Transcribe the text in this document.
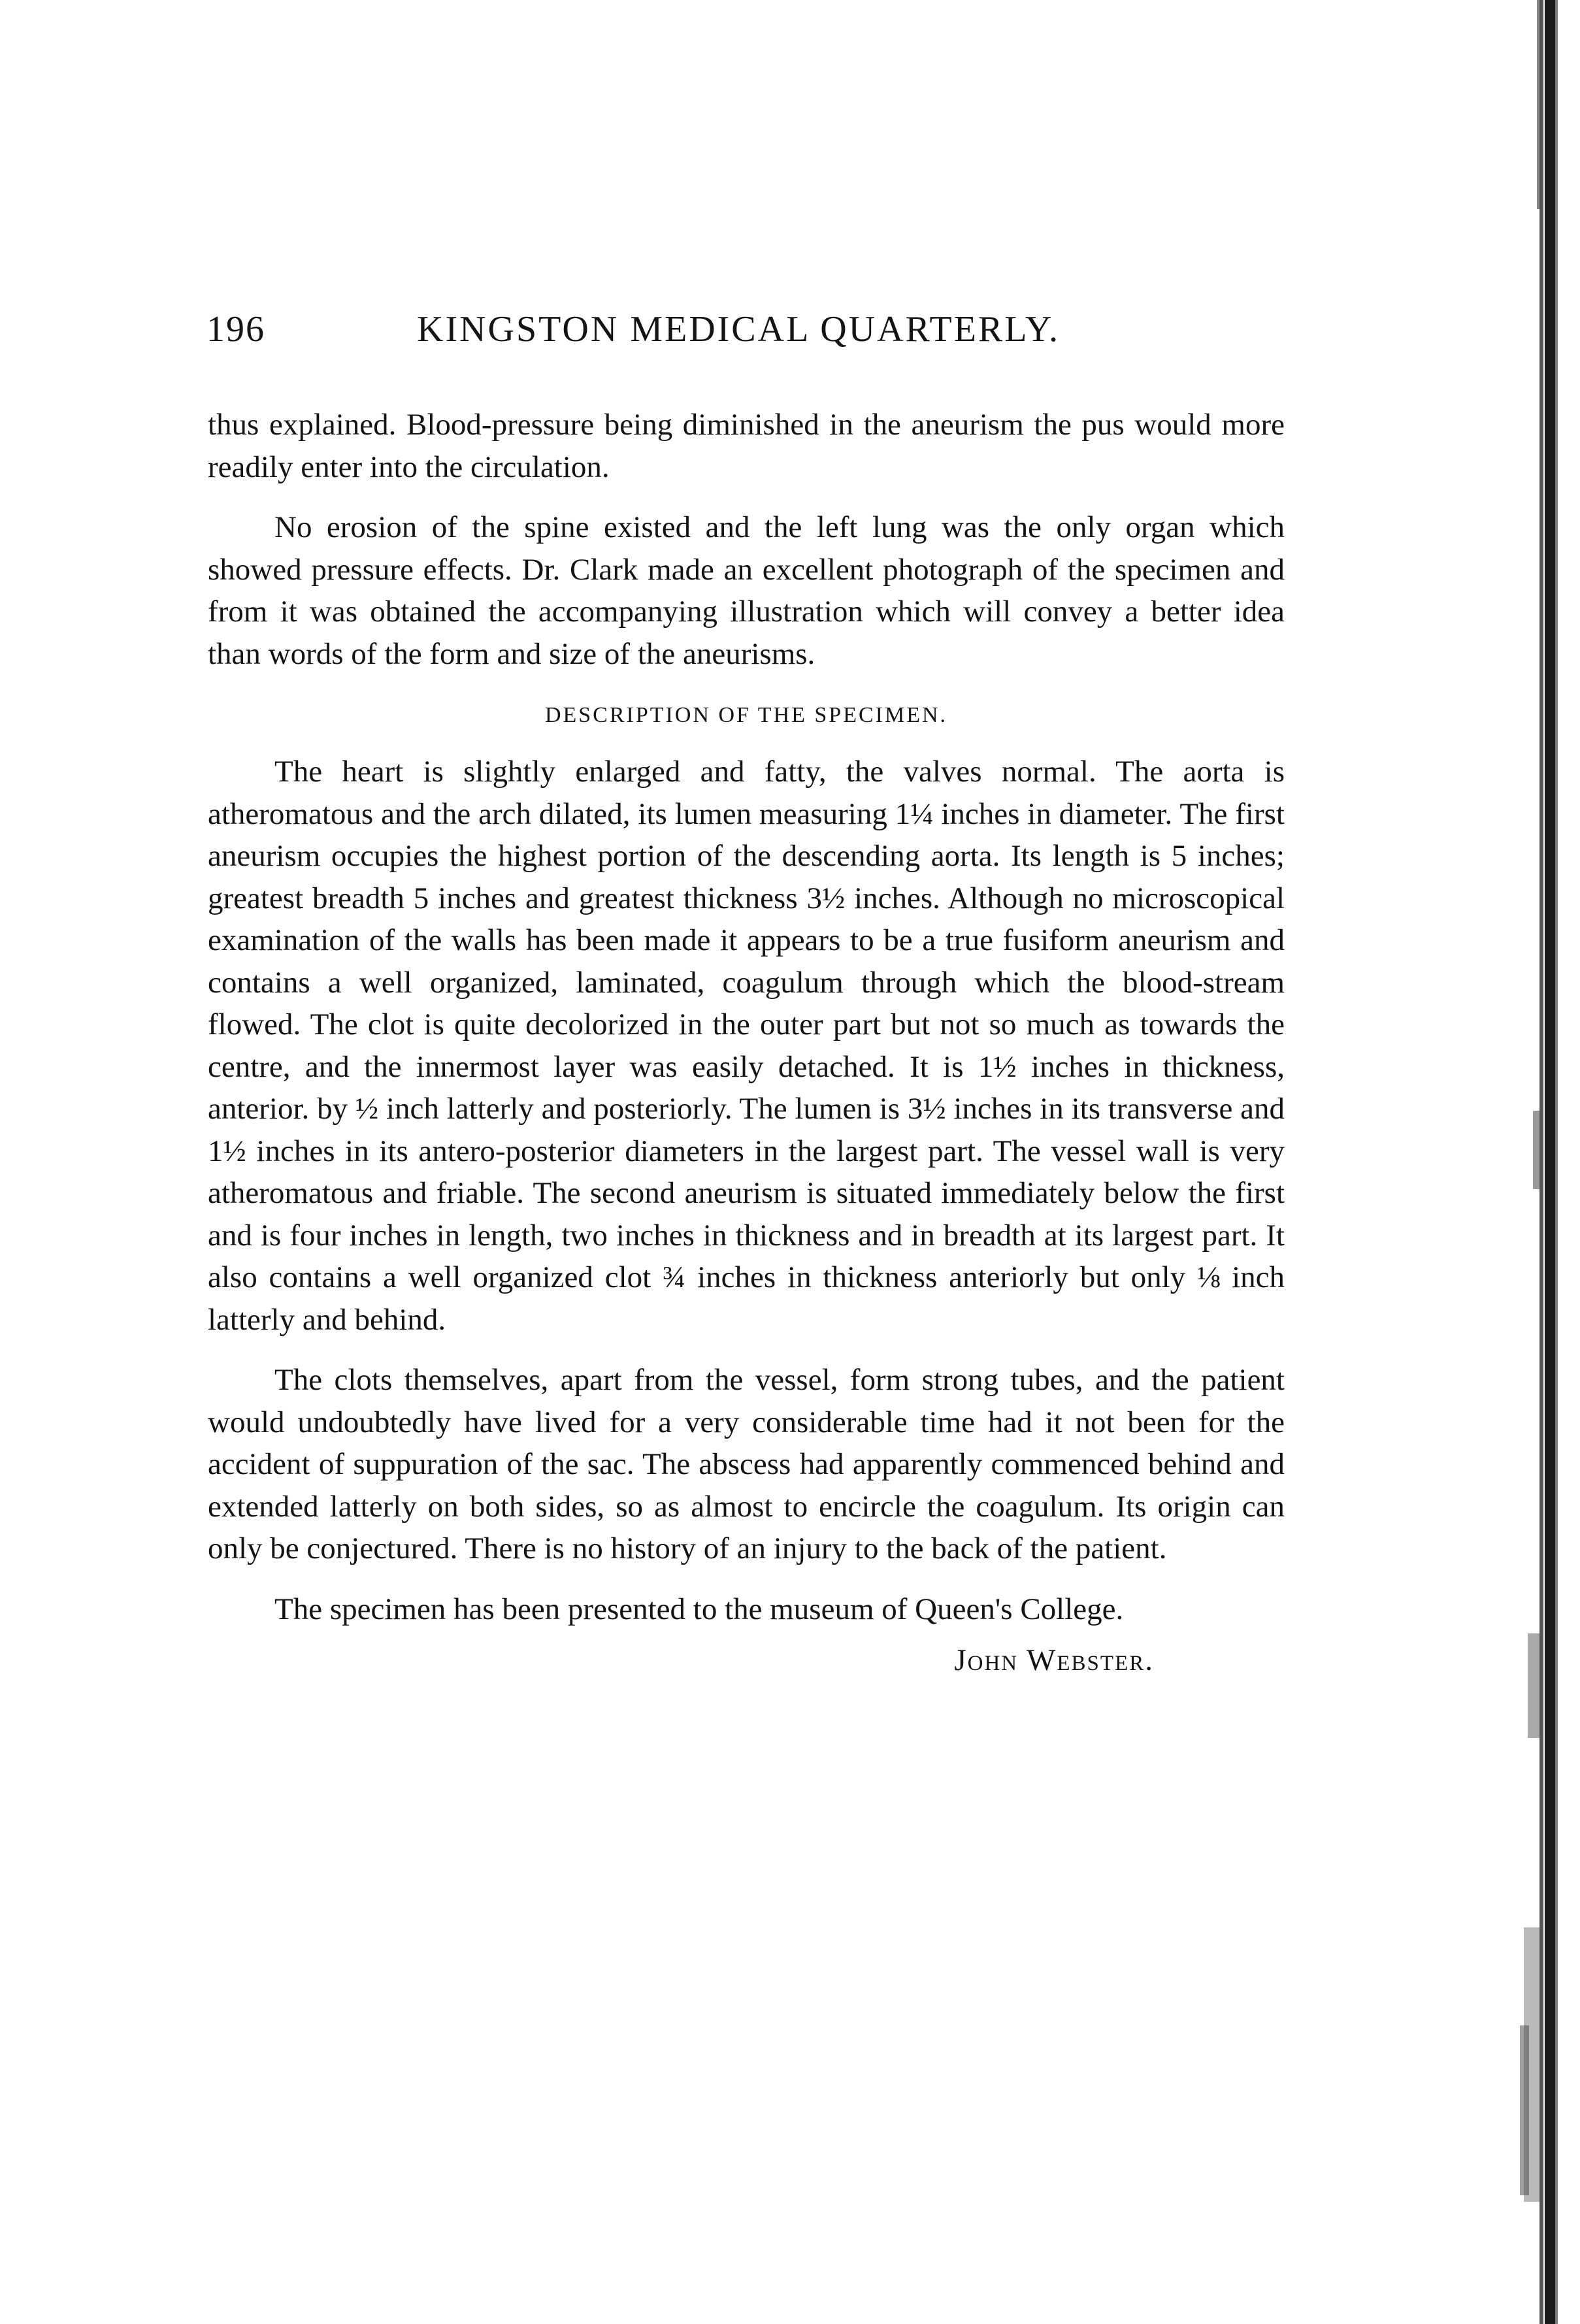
196	KINGSTON MEDICAL QUARTERLY.

thus explained. Blood-pressure being diminished in the aneurism the pus would more readily enter into the circulation.

No erosion of the spine existed and the left lung was the only organ which showed pressure effects. Dr. Clark made an excellent photograph of the specimen and from it was obtained the accompanying illustration which will convey a better idea than words of the form and size of the aneurisms.

DESCRIPTION OF THE SPECIMEN.

The heart is slightly enlarged and fatty, the valves normal. The aorta is atheromatous and the arch dilated, its lumen measuring 1¼ inches in diameter. The first aneurism occupies the highest portion of the descending aorta. Its length is 5 inches; greatest breadth 5 inches and greatest thickness 3½ inches. Although no microscopical examination of the walls has been made it appears to be a true fusiform aneurism and contains a well organized, laminated, coagulum through which the blood-stream flowed. The clot is quite decolorized in the outer part but not so much as towards the centre, and the innermost layer was easily detached. It is 1½ inches in thickness, anterior. by ½ inch latterly and posteriorly. The lumen is 3½ inches in its transverse and 1½ inches in its antero-posterior diameters in the largest part. The vessel wall is very atheromatous and friable. The second aneurism is situated immediately below the first and is four inches in length, two inches in thickness and in breadth at its largest part. It also contains a well organized clot ¾ inches in thickness anteriorly but only ⅛ inch latterly and behind.

The clots themselves, apart from the vessel, form strong tubes, and the patient would undoubtedly have lived for a very considerable time had it not been for the accident of suppuration of the sac. The abscess had apparently commenced behind and extended latterly on both sides, so as almost to encircle the coagulum. Its origin can only be conjectured. There is no history of an injury to the back of the patient.

The specimen has been presented to the museum of Queen's College.

John Webster.
